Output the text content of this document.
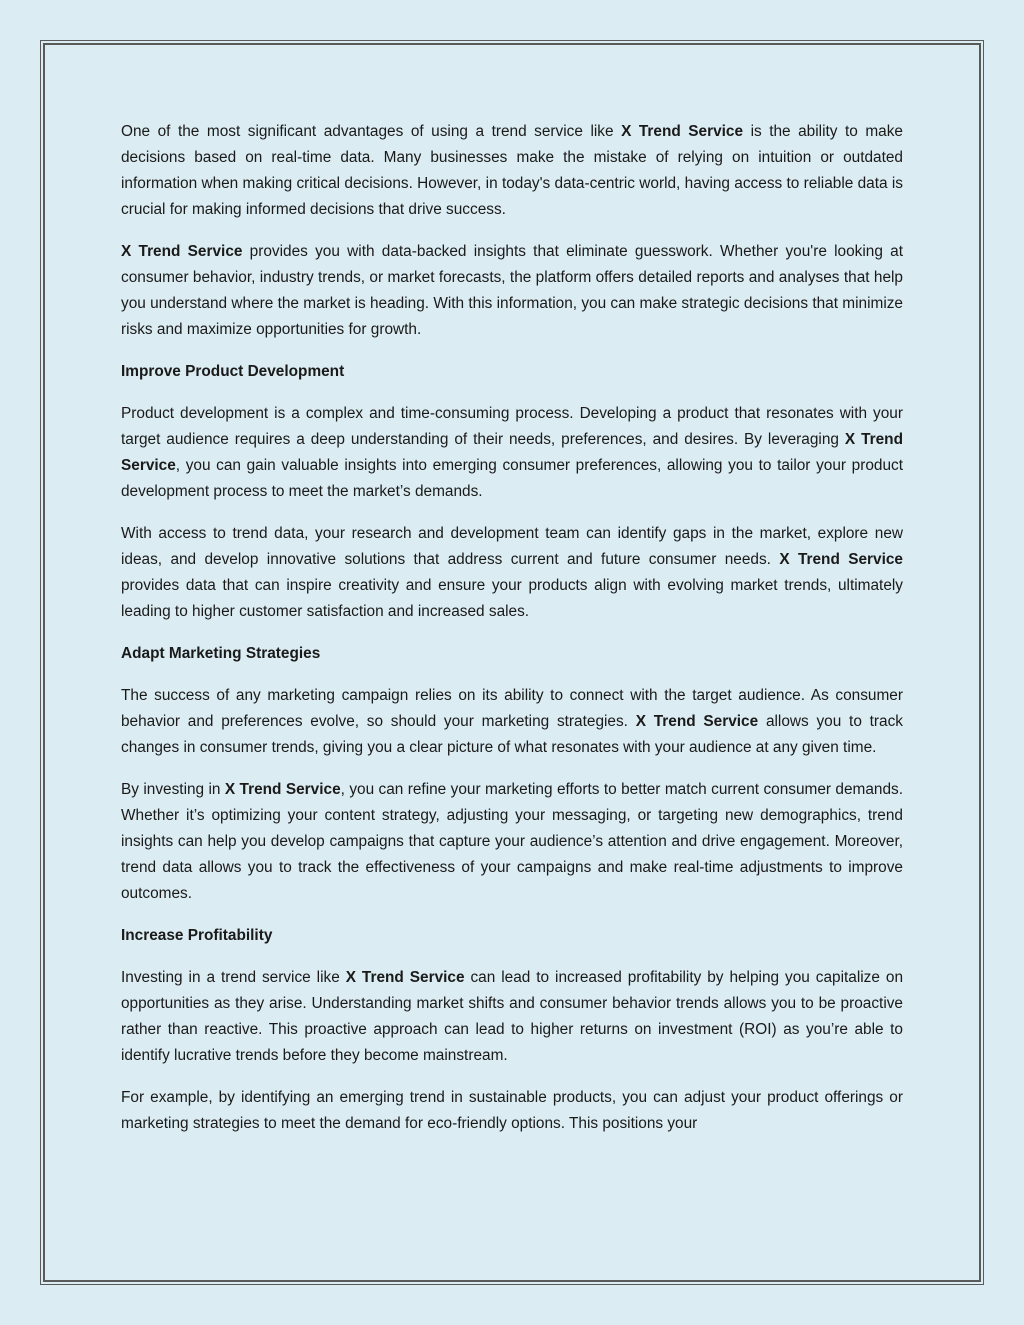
One of the most significant advantages of using a trend service like X Trend Service is the ability to make decisions based on real-time data. Many businesses make the mistake of relying on intuition or outdated information when making critical decisions. However, in today's data-centric world, having access to reliable data is crucial for making informed decisions that drive success.

X Trend Service provides you with data-backed insights that eliminate guesswork. Whether you're looking at consumer behavior, industry trends, or market forecasts, the platform offers detailed reports and analyses that help you understand where the market is heading. With this information, you can make strategic decisions that minimize risks and maximize opportunities for growth.

Improve Product Development

Product development is a complex and time-consuming process. Developing a product that resonates with your target audience requires a deep understanding of their needs, preferences, and desires. By leveraging X Trend Service, you can gain valuable insights into emerging consumer preferences, allowing you to tailor your product development process to meet the market’s demands.

With access to trend data, your research and development team can identify gaps in the market, explore new ideas, and develop innovative solutions that address current and future consumer needs. X Trend Service provides data that can inspire creativity and ensure your products align with evolving market trends, ultimately leading to higher customer satisfaction and increased sales.

Adapt Marketing Strategies

The success of any marketing campaign relies on its ability to connect with the target audience. As consumer behavior and preferences evolve, so should your marketing strategies. X Trend Service allows you to track changes in consumer trends, giving you a clear picture of what resonates with your audience at any given time.

By investing in X Trend Service, you can refine your marketing efforts to better match current consumer demands. Whether it’s optimizing your content strategy, adjusting your messaging, or targeting new demographics, trend insights can help you develop campaigns that capture your audience’s attention and drive engagement. Moreover, trend data allows you to track the effectiveness of your campaigns and make real-time adjustments to improve outcomes.

Increase Profitability

Investing in a trend service like X Trend Service can lead to increased profitability by helping you capitalize on opportunities as they arise. Understanding market shifts and consumer behavior trends allows you to be proactive rather than reactive. This proactive approach can lead to higher returns on investment (ROI) as you’re able to identify lucrative trends before they become mainstream.

For example, by identifying an emerging trend in sustainable products, you can adjust your product offerings or marketing strategies to meet the demand for eco-friendly options. This positions your
